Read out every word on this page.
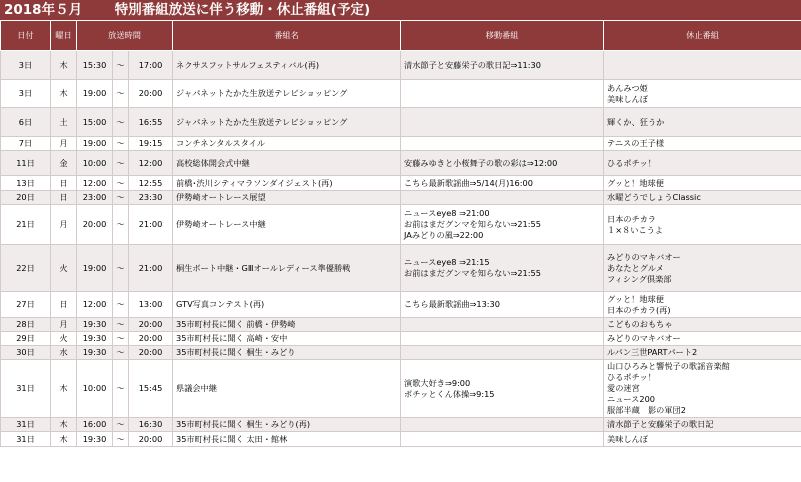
2018年５月 特別番組放送に伴う移動・休止番組(予定)
日付	曜日	放送時間			番組名	移動番組	休止番組
3日	木	15:30	～	17:00	ネクサスフットサルフェスティバル(再)	清水節子と安藤栄子の歌日記⇒11:30	

3日	木	19:00	～	20:00	ジャパネットたかた生放送テレビショッピング		あんみつ姫
美味しんぼ

6日	土	15:00	～	16:55	ジャパネットたかた生放送テレビショッピング		輝くか、狂うか

7日	月	19:00	～	19:15	コンチネンタルスタイル		テニスの王子様

11日	金	10:00	～	12:00	高校総体開会式中継	安藤みゆきと小桜舞子の歌の彩は⇒12:00	ひるポチッ！

13日	日	12:00	～	12:55	前橋･渋川シティマラソンダイジェスト(再)	こちら最新歌謡曲⇒5/14(月)16:00	グッと！地球便

20日	日	23:00	～	23:30	伊勢崎オートレース展望		水曜どうでしょうClassic

21日	月	20:00	～	21:00	伊勢崎オートレース中継	ニュースeye8 ⇒21:00
お前はまだグンマを知らない⇒21:55
JAみどりの風⇒22:00	日本のチカラ
１×８いこうよ

22日	火	19:00	～	21:00	桐生ボート中継・GⅢオールレディース準優勝戦	ニュースeye8 ⇒21:15
お前はまだグンマを知らない⇒21:55	みどりのマキバオー
あなたとグルメ
フィシング倶楽部

27日	日	12:00	～	13:00	GTV写真コンテスト(再)	こちら最新歌謡曲⇒13:30	グッと！地球便
日本のチカラ(再)

28日	月	19:30	～	20:00	35市町村長に聞く 前橋・伊勢崎		こどものおもちゃ

29日	火	19:30	～	20:00	35市町村長に聞く 高崎・安中		みどりのマキバオー

30日	水	19:30	～	20:00	35市町村長に聞く 桐生・みどり		ルパン三世PARTパート2

31日	木	10:00	～	15:45	県議会中継	演歌大好き⇒9:00
ポチッとくん体操⇒9:15	山口ひろみと響悦子の歌謡音楽館
ひるポチッ！
愛の迷宮
ニュース200
服部半蔵　影の軍団2

31日	木	16:00	～	16:30	35市町村長に聞く 桐生・みどり(再)		清水節子と安藤栄子の歌日記

31日	木	19:30	～	20:00	35市町村長に聞く 太田・館林		美味しんぼ
